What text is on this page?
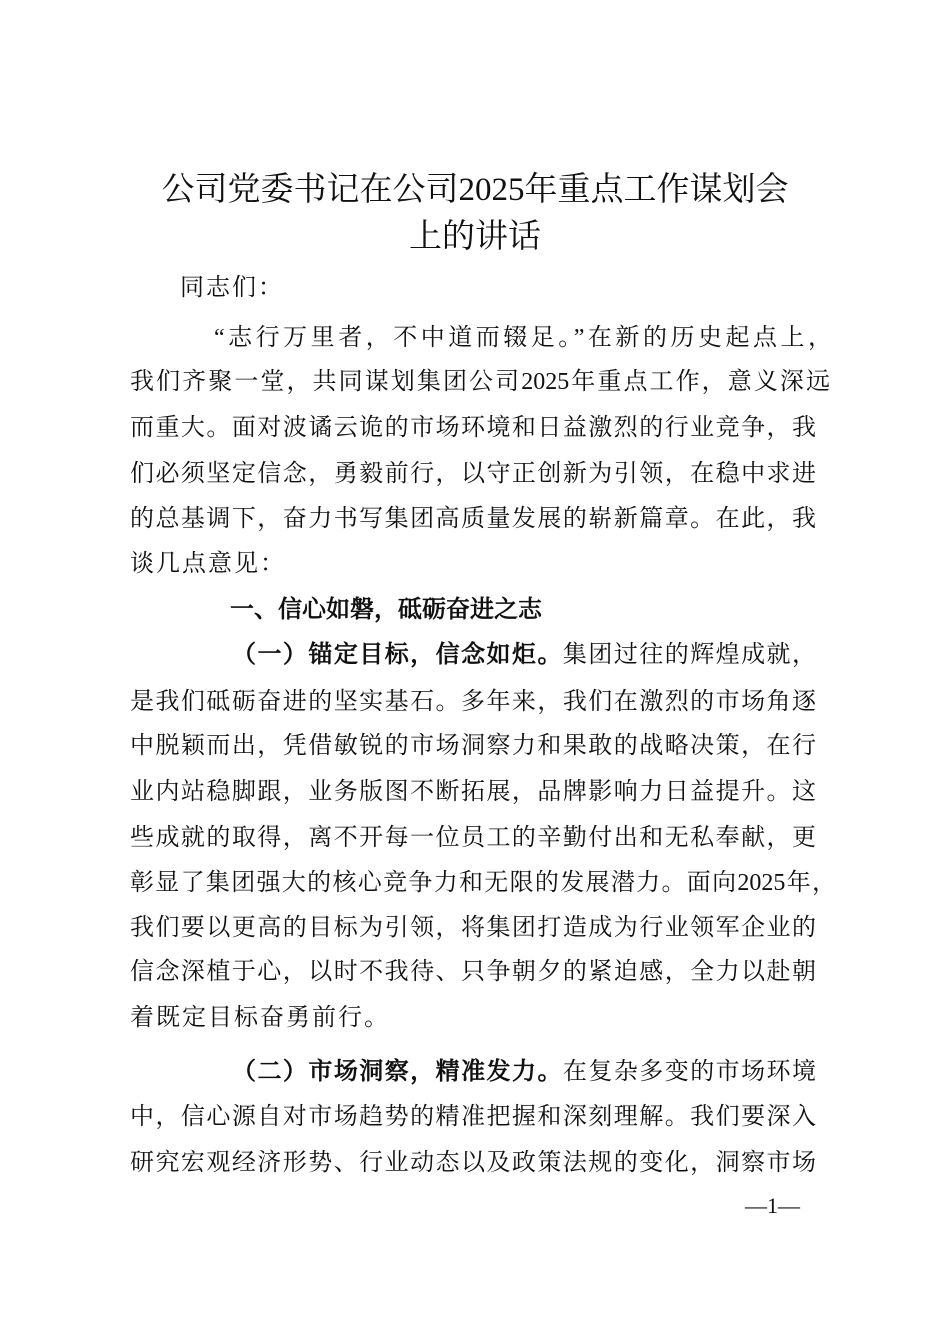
公司党委书记在公司2025年重点工作谋划会
上的讲话
同志们：
“志行万里者，不中道而辍足。”在新的历史起点上，
我们齐聚一堂，共同谋划集团公司2025年重点工作，意义深远
而重大。面对波谲云诡的市场环境和日益激烈的行业竞争，我
们必须坚定信念，勇毅前行，以守正创新为引领，在稳中求进
的总基调下，奋力书写集团高质量发展的崭新篇章。在此，我
谈几点意见：
一、信心如磐，砥砺奋进之志
（一）锚定目标，信念如炬。集团过往的辉煌成就，
是我们砥砺奋进的坚实基石。多年来，我们在激烈的市场角逐
中脱颖而出，凭借敏锐的市场洞察力和果敢的战略决策，在行
业内站稳脚跟，业务版图不断拓展，品牌影响力日益提升。这
些成就的取得，离不开每一位员工的辛勤付出和无私奉献，更
彰显了集团强大的核心竞争力和无限的发展潜力。面向2025年，
我们要以更高的目标为引领，将集团打造成为行业领军企业的
信念深植于心，以时不我待、只争朝夕的紧迫感，全力以赴朝
着既定目标奋勇前行。
（二）市场洞察，精准发力。在复杂多变的市场环境
中，信心源自对市场趋势的精准把握和深刻理解。我们要深入
研究宏观经济形势、行业动态以及政策法规的变化，洞察市场
—1—
